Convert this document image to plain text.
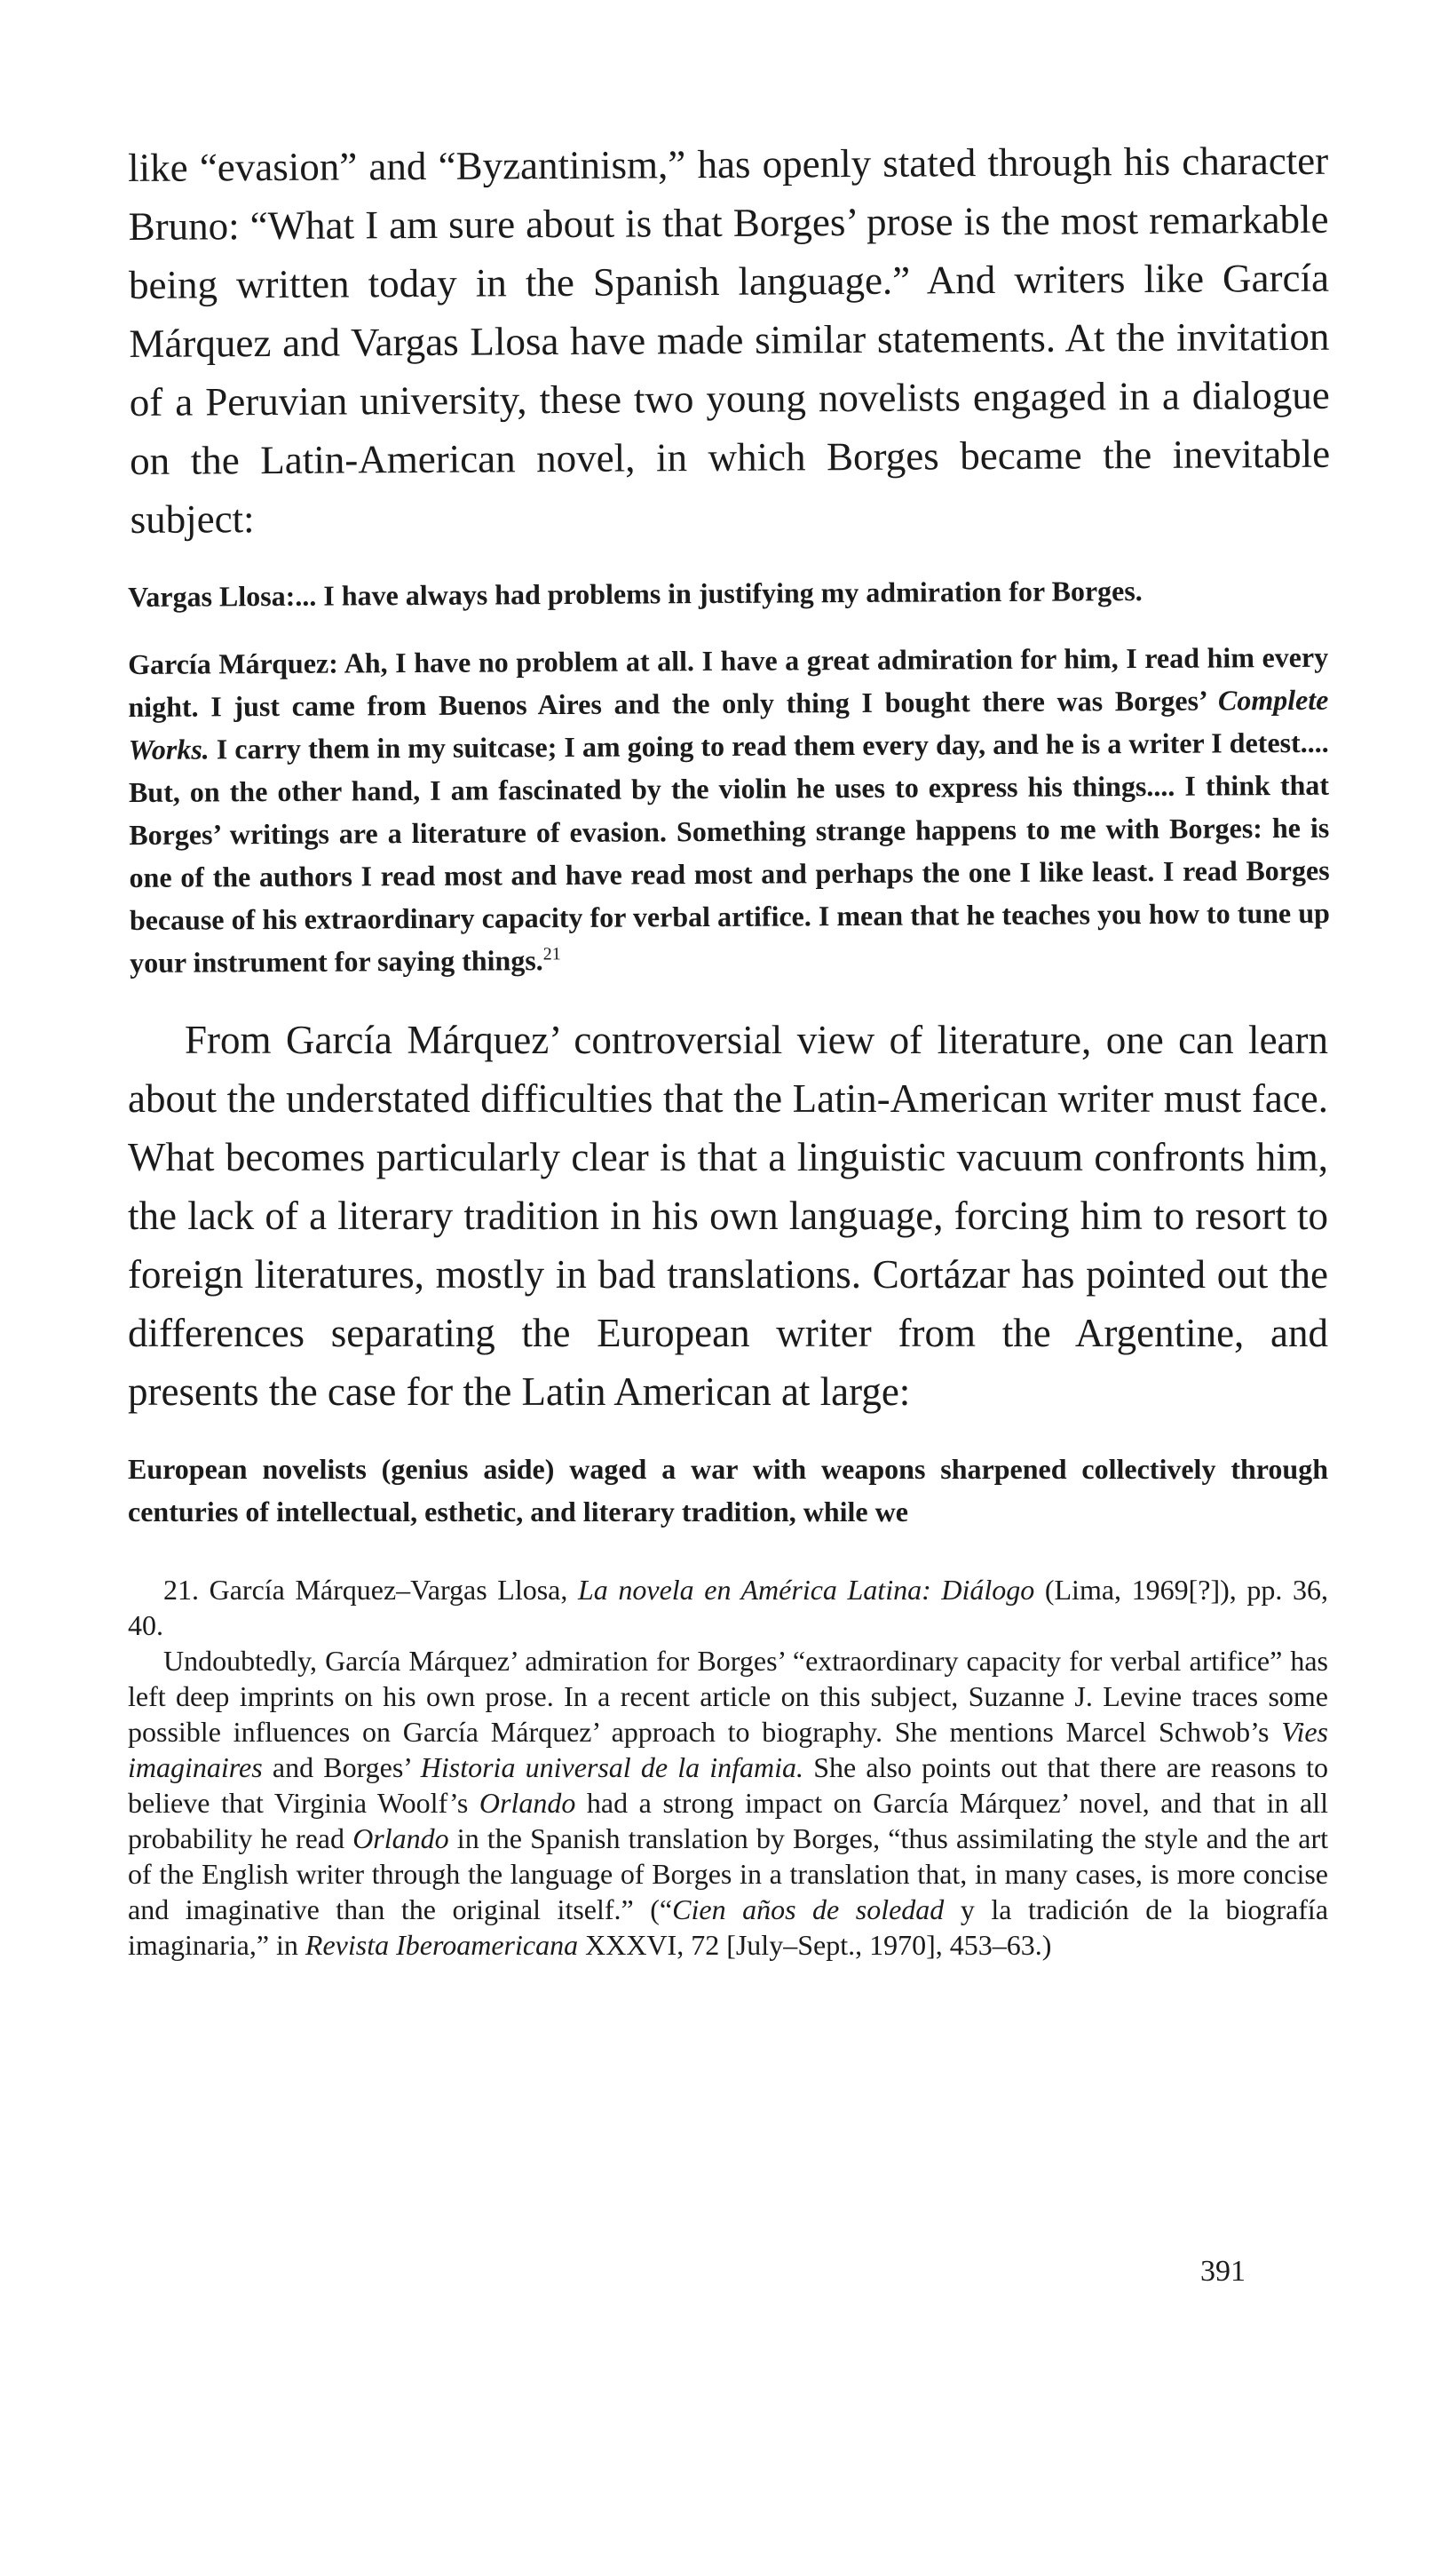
like “evasion” and “Byzantinism,” has openly stated through his character Bruno: “What I am sure about is that Borges’ prose is the most remarkable being written today in the Spanish language.” And writers like García Márquez and Vargas Llosa have made similar statements. At the invitation of a Peruvian university, these two young novelists engaged in a dialogue on the Latin-American novel, in which Borges became the inevitable subject:

Vargas Llosa:... I have always had problems in justifying my admiration for Borges.

García Márquez: Ah, I have no problem at all. I have a great admiration for him, I read him every night. I just came from Buenos Aires and the only thing I bought there was Borges’ Complete Works. I carry them in my suitcase; I am going to read them every day, and he is a writer I detest.... But, on the other hand, I am fascinated by the violin he uses to express his things.... I think that Borges’ writings are a literature of evasion. Something strange happens to me with Borges: he is one of the authors I read most and have read most and perhaps the one I like least. I read Borges because of his extraordinary capacity for verbal artifice. I mean that he teaches you how to tune up your instrument for saying things.$^{21}$

From García Márquez’ controversial view of literature, one can learn about the understated difficulties that the Latin-American writer must face. What becomes particularly clear is that a linguistic vacuum confronts him, the lack of a literary tradition in his own language, forcing him to resort to foreign literatures, mostly in bad translations. Cortázar has pointed out the differences separating the European writer from the Argentine, and presents the case for the Latin American at large:

European novelists (genius aside) waged a war with weapons sharpened collectively through centuries of intellectual, esthetic, and literary tradition, while we

21. García Márquez–Vargas Llosa, La novela en América Latina: Diálogo (Lima, 1969[?]), pp. 36, 40.

Undoubtedly, García Márquez’ admiration for Borges’ “extraordinary capacity for verbal artifice” has left deep imprints on his own prose. In a recent article on this subject, Suzanne J. Levine traces some possible influences on García Márquez’ approach to biography. She mentions Marcel Schwob’s Vies imaginaires and Borges’ Historia universal de la infamia. She also points out that there are reasons to believe that Virginia Woolf’s Orlando had a strong impact on García Márquez’ novel, and that in all probability he read Orlando in the Spanish translation by Borges, “thus assimilating the style and the art of the English writer through the language of Borges in a translation that, in many cases, is more concise and imaginative than the original itself.” (“Cien años de soledad y la tradición de la biografía imaginaria,” in Revista Iberoamericana XXXVI, 72 [July–Sept., 1970], 453–63.)

391
